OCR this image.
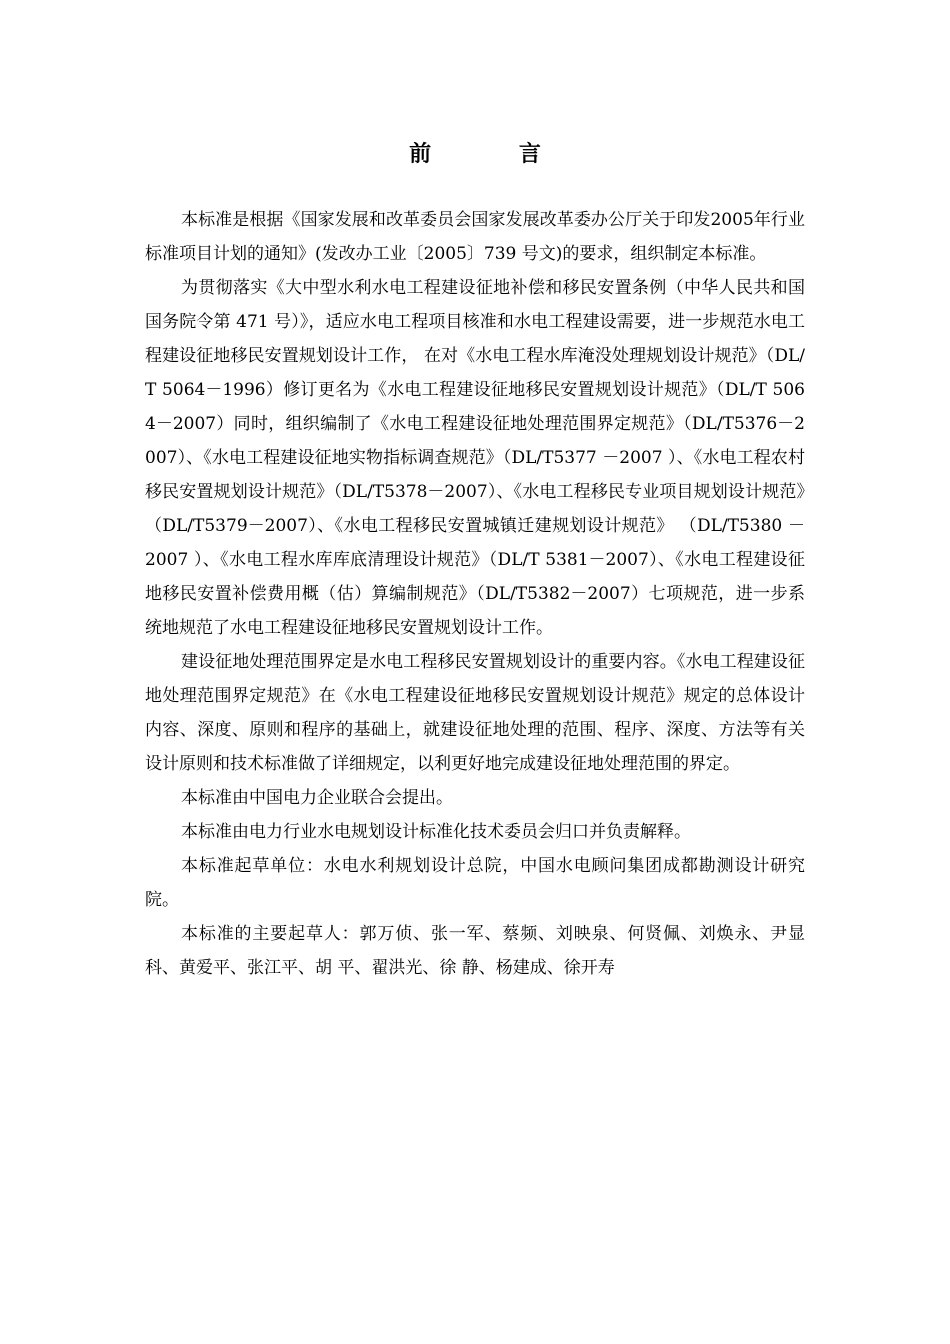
前 言

本标准是根据《国家发展和改革委员会国家发展改革委办公厅关于印发2005年行业标准项目计划的通知》(发改办工业〔2005〕739 号文)的要求，组织制定本标准。

为贯彻落实《大中型水利水电工程建设征地补偿和移民安置条例（中华人民共和国国务院令第 471 号）》，适应水电工程项目核准和水电工程建设需要，进一步规范水电工程建设征地移民安置规划设计工作， 在对《水电工程水库淹没处理规划设计规范》（DL/T 5064－1996）修订更名为《水电工程建设征地移民安置规划设计规范》（DL/T 5064－2007）同时，组织编制了《水电工程建设征地处理范围界定规范》（DL/T5376－2007）、《水电工程建设征地实物指标调查规范》（DL/T5377 －2007 ）、《水电工程农村移民安置规划设计规范》（DL/T5378－2007）、《水电工程移民专业项目规划设计规范》（DL/T5379－2007）、《水电工程移民安置城镇迁建规划设计规范》 （DL/T5380 －2007 ）、《水电工程水库库底清理设计规范》（DL/T 5381－2007）、《水电工程建设征地移民安置补偿费用概（估）算编制规范》（DL/T5382－2007）七项规范，进一步系统地规范了水电工程建设征地移民安置规划设计工作。

建设征地处理范围界定是水电工程移民安置规划设计的重要内容。《水电工程建设征地处理范围界定规范》在《水电工程建设征地移民安置规划设计规范》规定的总体设计内容、深度、原则和程序的基础上，就建设征地处理的范围、程序、深度、方法等有关设计原则和技术标准做了详细规定，以利更好地完成建设征地处理范围的界定。

本标准由中国电力企业联合会提出。

本标准由电力行业水电规划设计标准化技术委员会归口并负责解释。

本标准起草单位：水电水利规划设计总院，中国水电顾问集团成都勘测设计研究院。

本标准的主要起草人：郭万侦、张一军、蔡频、刘映泉、何贤佩、刘焕永、尹显科、黄爱平、张江平、胡 平、翟洪光、徐 静、杨建成、徐开寿
